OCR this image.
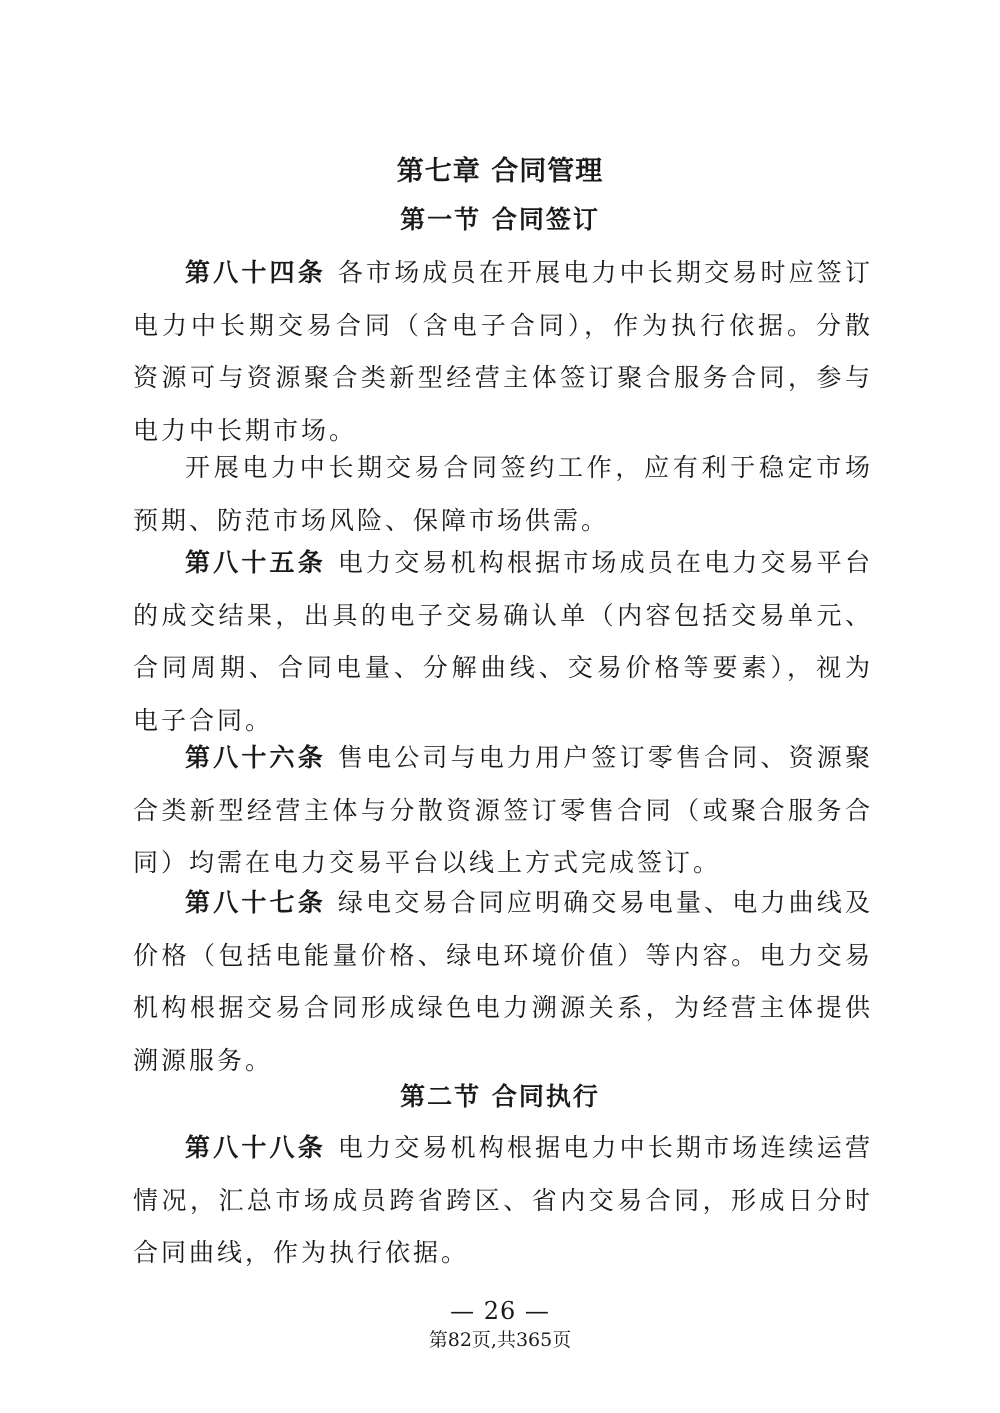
第七章 合同管理
第一节 合同签订

第八十四条 各市场成员在开展电力中长期交易时应签订电力中长期交易合同（含电子合同），作为执行依据。分散资源可与资源聚合类新型经营主体签订聚合服务合同，参与电力中长期市场。

开展电力中长期交易合同签约工作，应有利于稳定市场预期、防范市场风险、保障市场供需。

第八十五条 电力交易机构根据市场成员在电力交易平台的成交结果，出具的电子交易确认单（内容包括交易单元、合同周期、合同电量、分解曲线、交易价格等要素），视为电子合同。

第八十六条 售电公司与电力用户签订零售合同、资源聚合类新型经营主体与分散资源签订零售合同（或聚合服务合同）均需在电力交易平台以线上方式完成签订。

第八十七条 绿电交易合同应明确交易电量、电力曲线及价格（包括电能量价格、绿电环境价值）等内容。电力交易机构根据交易合同形成绿色电力溯源关系，为经营主体提供溯源服务。

第二节 合同执行

第八十八条 电力交易机构根据电力中长期市场连续运营情况，汇总市场成员跨省跨区、省内交易合同，形成日分时合同曲线，作为执行依据。

— 26 —
第82页,共365页
